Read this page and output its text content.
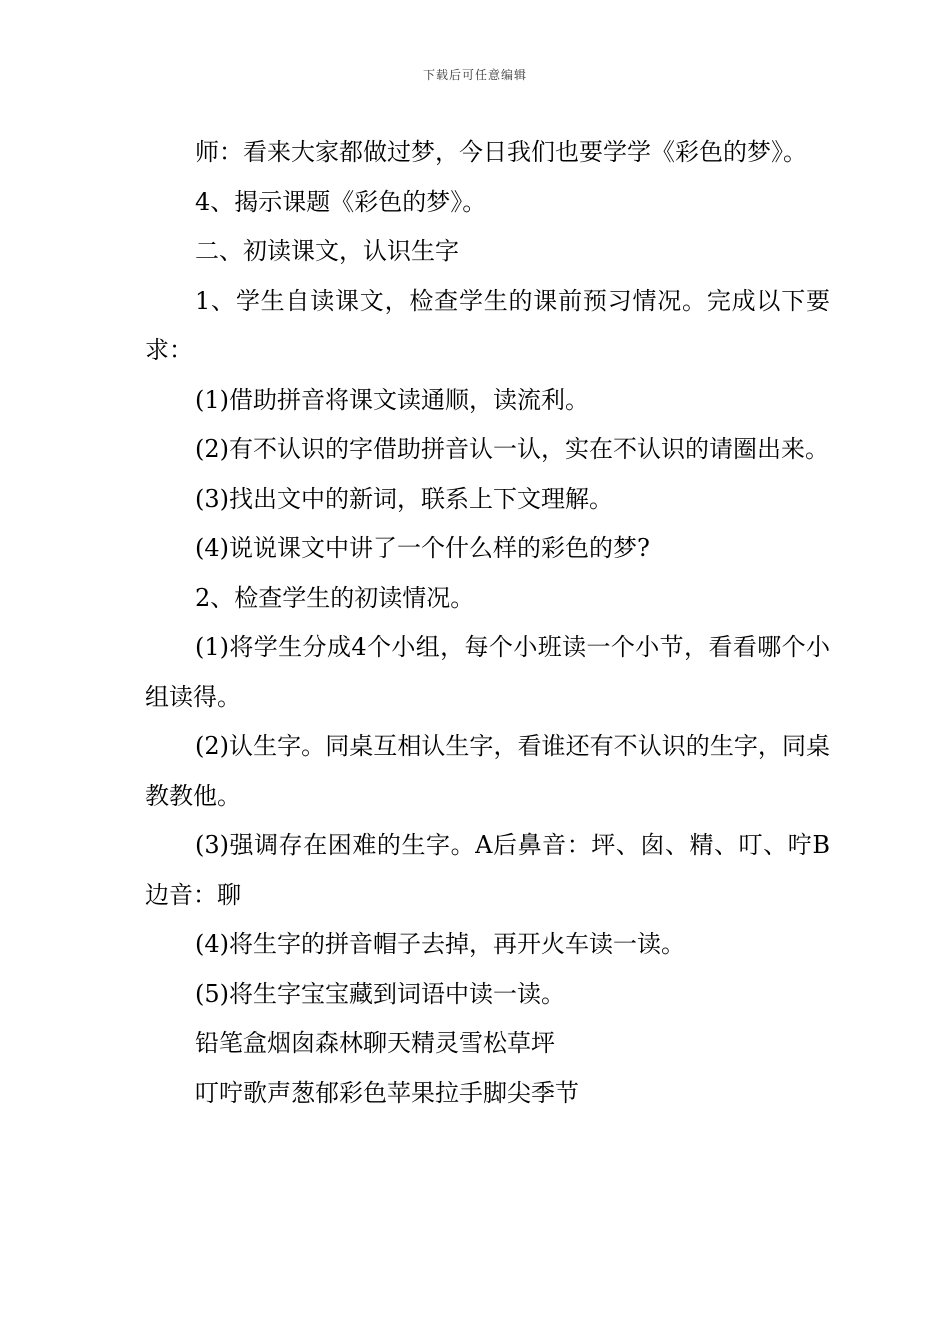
下载后可任意编辑

师：看来大家都做过梦，今日我们也要学学《彩色的梦》。

4、揭示课题《彩色的梦》。

二、初读课文，认识生字

1、学生自读课文，检查学生的课前预习情况。完成以下要求：

(1)借助拼音将课文读通顺，读流利。

(2)有不认识的字借助拼音认一认，实在不认识的请圈出来。

(3)找出文中的新词，联系上下文理解。

(4)说说课文中讲了一个什么样的彩色的梦?

2、检查学生的初读情况。

(1)将学生分成4个小组，每个小班读一个小节，看看哪个小组读得。

(2)认生字。同桌互相认生字，看谁还有不认识的生字，同桌教教他。

(3)强调存在困难的生字。A后鼻音：坪、囱、精、叮、咛B边音：聊

(4)将生字的拼音帽子去掉，再开火车读一读。

(5)将生字宝宝藏到词语中读一读。

铅笔盒烟囱森林聊天精灵雪松草坪

叮咛歌声葱郁彩色苹果拉手脚尖季节
